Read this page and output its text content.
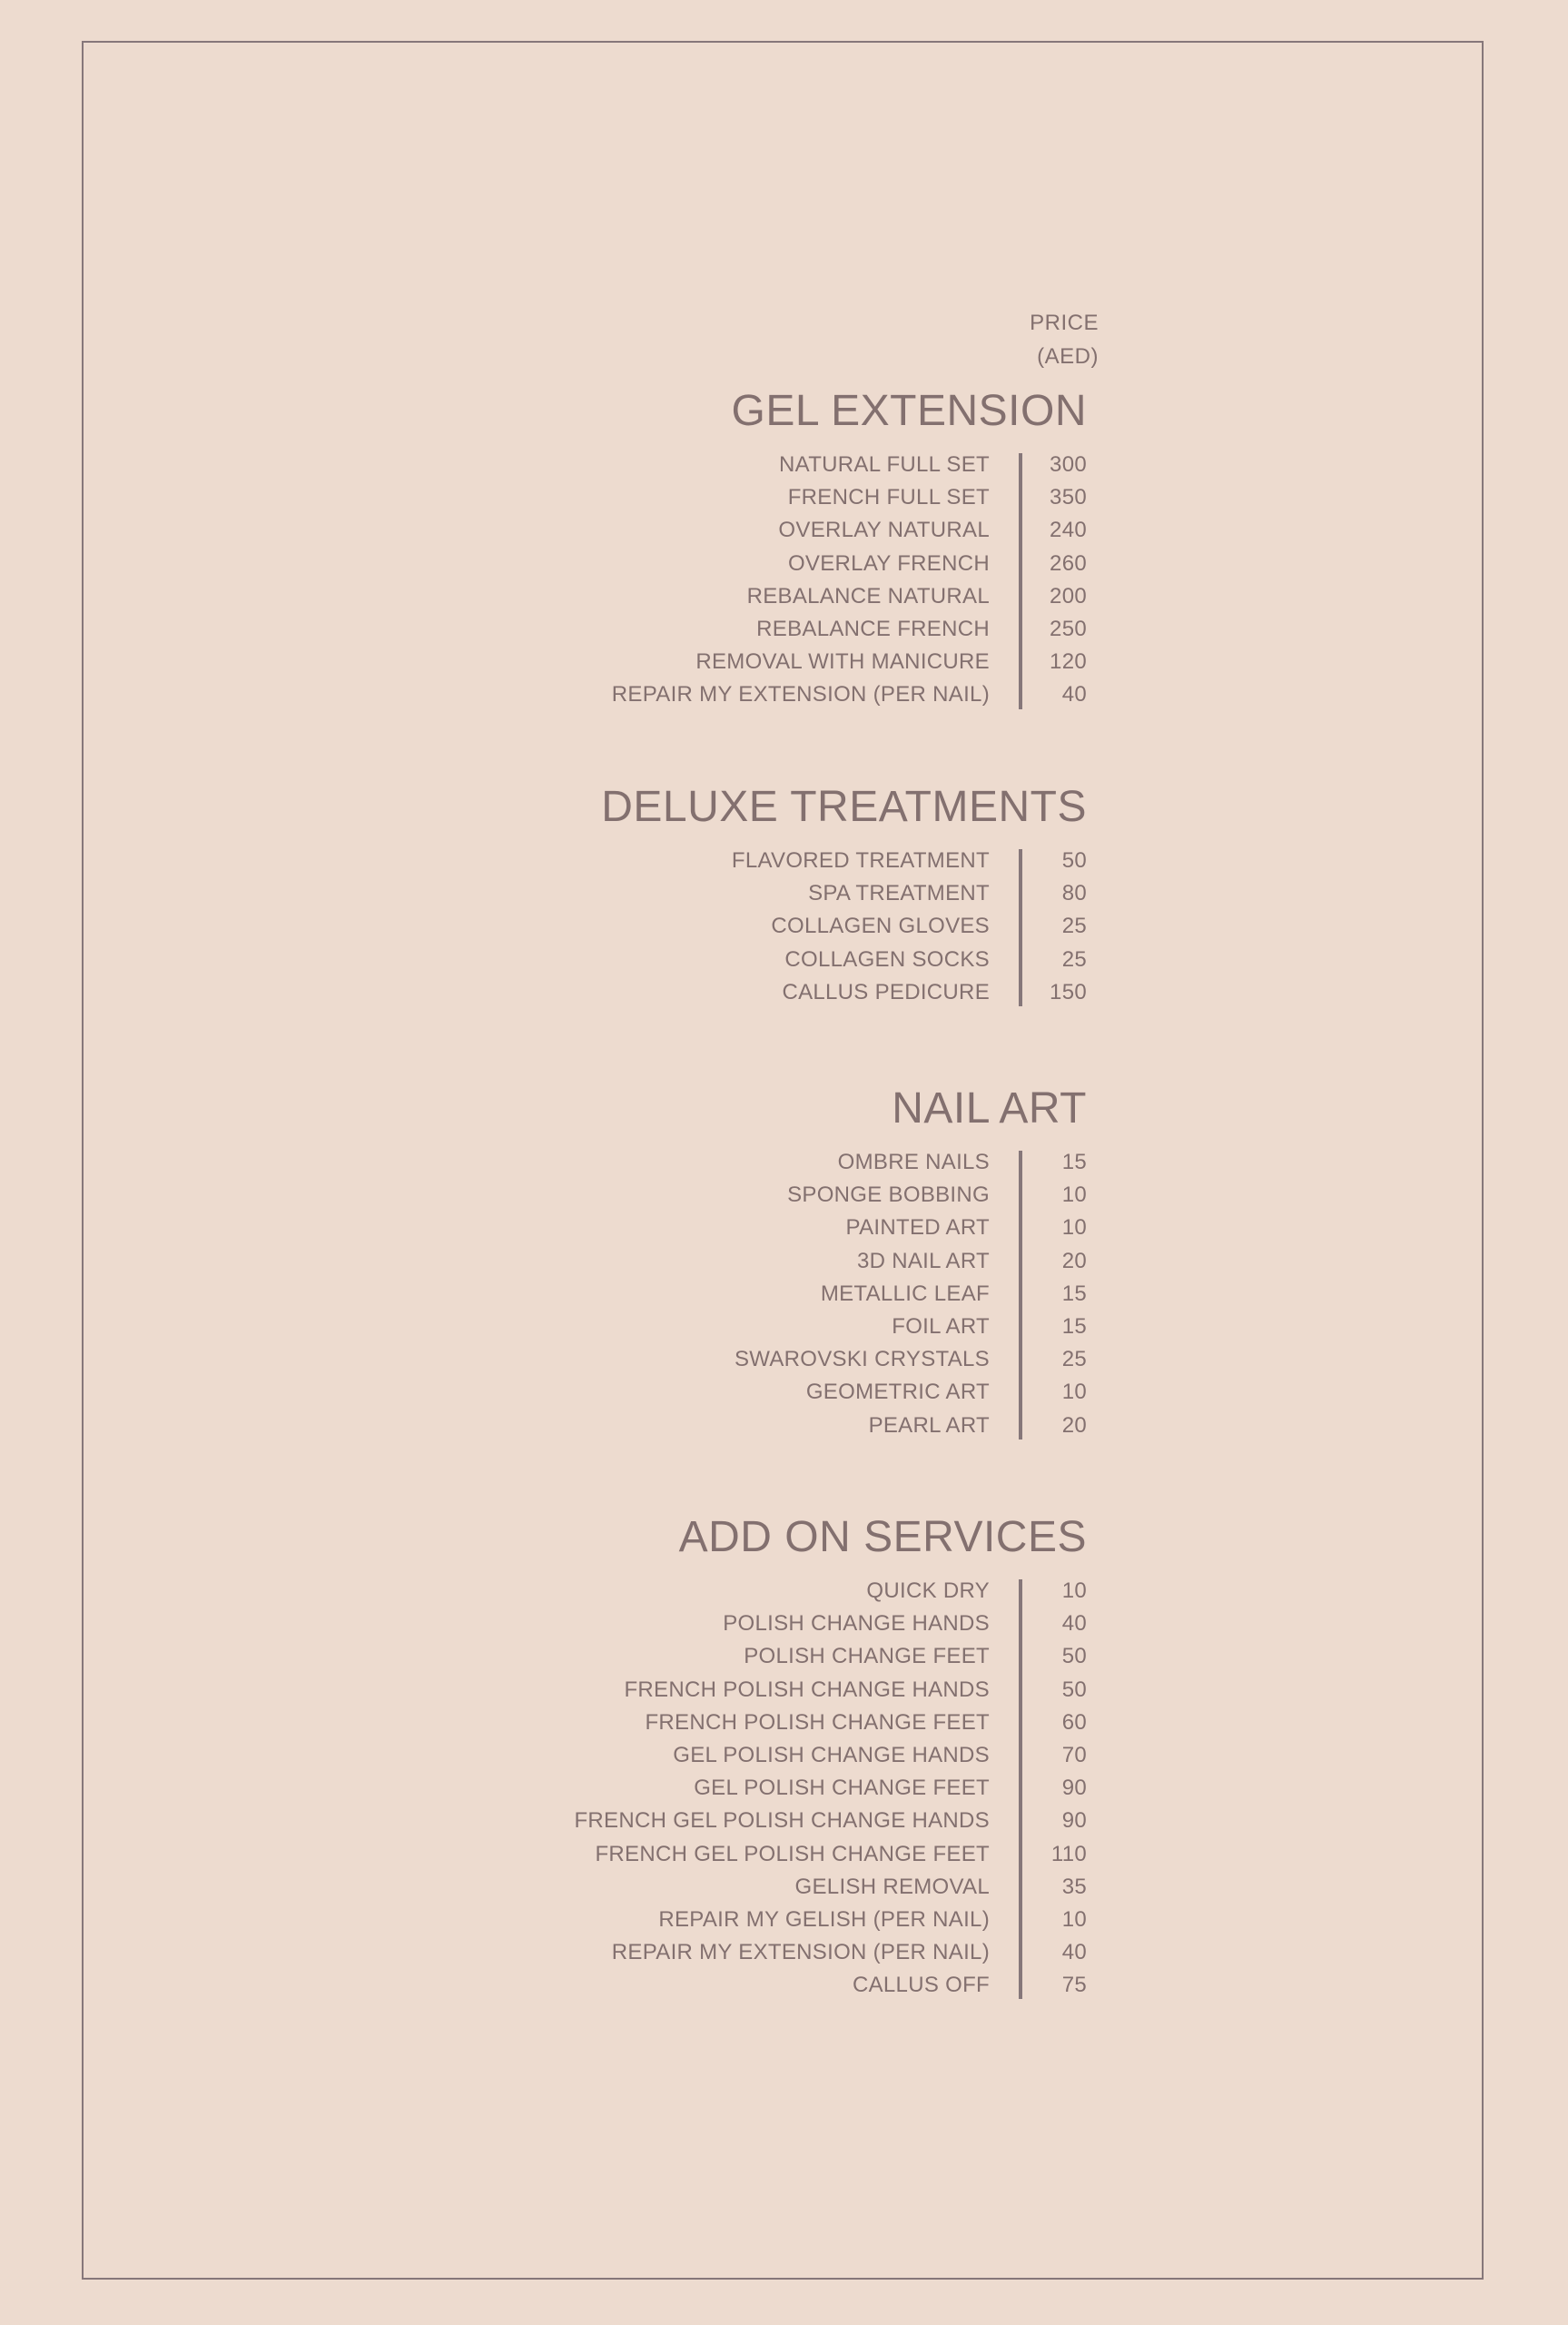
PRICE
(AED)
GEL EXTENSION
NATURAL FULL SET	300
FRENCH FULL SET	350
OVERLAY NATURAL	240
OVERLAY FRENCH	260
REBALANCE NATURAL	200
REBALANCE FRENCH	250
REMOVAL WITH MANICURE	120
REPAIR MY EXTENSION (PER NAIL)	40
DELUXE TREATMENTS
FLAVORED TREATMENT	50
SPA TREATMENT	80
COLLAGEN GLOVES	25
COLLAGEN SOCKS	25
CALLUS PEDICURE	150
NAIL ART
OMBRE NAILS	15
SPONGE BOBBING	10
PAINTED ART	10
3D NAIL ART	20
METALLIC LEAF	15
FOIL ART	15
SWAROVSKI CRYSTALS	25
GEOMETRIC ART	10
PEARL ART	20
ADD ON SERVICES
QUICK DRY	10
POLISH CHANGE HANDS	40
POLISH CHANGE FEET	50
FRENCH POLISH CHANGE HANDS	50
FRENCH POLISH CHANGE FEET	60
GEL POLISH CHANGE HANDS	70
GEL POLISH CHANGE FEET	90
FRENCH GEL POLISH CHANGE HANDS	90
FRENCH GEL POLISH CHANGE FEET	110
GELISH REMOVAL	35
REPAIR MY GELISH (PER NAIL)	10
REPAIR MY EXTENSION (PER NAIL)	40
CALLUS OFF	75
